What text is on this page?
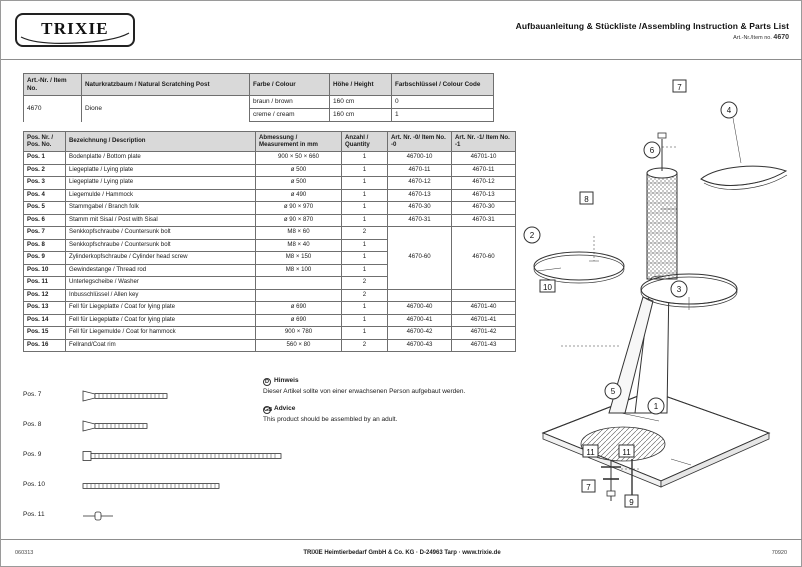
TRIXIE	Aufbauanleitung & Stückliste /Assembling Instruction & Parts List
Art.-Nr./Item no. 4670
Art.-Nr. / Item No.	Naturkratzbaum / Natural Scratching Post	Farbe / Colour	Höhe / Height	Farbschlüssel / Colour Code
4670	Dione	braun / brown	160 cm	0
		creme / cream	160 cm	1
Pos. Nr. / Pos. No.	Bezeichnung / Description	Abmessung / Measurement in mm	Anzahl / Quantity	Art. Nr. -0/ Item No. -0	Art. Nr. -1/ Item No. -1
Pos. 1	Bodenplatte / Bottom plate	900 × 50 × 660	1	46700-10	46701-10
Pos. 2	Liegeplatte / Lying plate	ø 500	1	4670-11	4670-11
Pos. 3	Liegeplatte / Lying plate	ø 500	1	4670-12	4670-12
Pos. 4	Liegemulde / Hammock	ø 490	1	4670-13	4670-13
Pos. 5	Stammgabel / Branch folk	ø 90 × 970	1	4670-30	4670-30
Pos. 6	Stamm mit Sisal / Post with Sisal	ø 90 × 870	1	4670-31	4670-31
Pos. 7	Senkkopfschraube / Countersunk bolt	M8 × 60	2	4670-60	4670-60
Pos. 8	Senkkopfschraube / Countersunk bolt	M8 × 40	1		
Pos. 9	Zylinderkopfschraube / Cylinder head screw	M8 × 150	1		
Pos. 10	Gewindestange / Thread rod	M8 × 100	1		
Pos. 11	Unterlegscheibe / Washer		2		
Pos. 12	Inbusschlüssel / Allen key		2		
Pos. 13	Fell für Liegeplatte / Coat for lying plate	ø 690	1	46700-40	46701-40
Pos. 14	Fell für Liegeplatte / Coat for lying plate	ø 690	1	46700-41	46701-41
Pos. 15	Fell für Liegemulde / Coat for hammock	900 × 780	1	46700-42	46701-42
Pos. 16	Fellrand/Coat rim	560 × 80	2	46700-43	46701-43
Pos. 7
Pos. 8
Pos. 9
Pos. 10
Pos. 11
D Hinweis
Dieser Artikel sollte von einer erwachsenen Person aufgebaut werden.
GB Advice
This product should be assembled by an adult.
1
5
2
3
4
6
8
10
7
11	11
7
9
060313	TRIXIE Heimtierbedarf GmbH & Co. KG · D-24963 Tarp · www.trixie.de	70920
